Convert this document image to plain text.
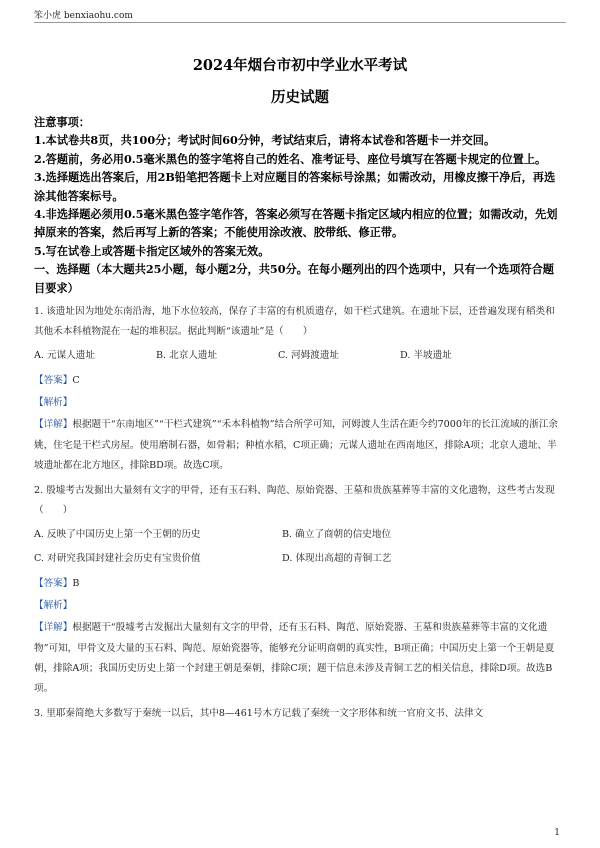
笨小虎 benxiaohu.com
2024年烟台市初中学业水平考试
历史试题

注意事项：

1.本试卷共8页，共100分；考试时间60分钟，考试结束后，请将本试卷和答题卡一并交回。

2.答题前，务必用0.5毫米黑色的签字笔将自己的姓名、准考证号、座位号填写在答题卡规定的位置上。

3.选择题选出答案后，用2B铅笔把答题卡上对应题目的答案标号涂黑；如需改动，用橡皮擦干净后，再选涂其他答案标号。

4.非选择题必须用0.5毫米黑色签字笔作答，答案必须写在答题卡指定区域内相应的位置；如需改动，先划掉原来的答案，然后再写上新的答案；不能使用涂改液、胶带纸、修正带。

5.写在试卷上或答题卡指定区域外的答案无效。

一、选择题（本大题共25小题，每小题2分，共50分。在每小题列出的四个选项中，只有一个选项符合题目要求）

1. 该遗址因为地处东南沿海，地下水位较高，保存了丰富的有机质遗存，如干栏式建筑。在遗址下层，还普遍发现有稻类和其他禾本科植物混在一起的堆积层。据此判断“该遗址”是（　　）

A. 元谋人遗址	B. 北京人遗址	C. 河姆渡遗址	D. 半坡遗址

【答案】C

【解析】

【详解】根据题干“东南地区”“干栏式建筑”“禾本科植物”结合所学可知，河姆渡人生活在距今约7000年的长江流域的浙江余姚，住宅是干栏式房屋。使用磨制石器，如骨耜；种植水稻，C项正确；元谋人遗址在西南地区，排除A项；北京人遗址、半坡遗址都在北方地区，排除BD项。故选C项。

2. 殷墟考古发掘出大量刻有文字的甲骨，还有玉石料、陶范、原始瓷器、王墓和贵族墓葬等丰富的文化遗物，这些考古发现（　　）

A. 反映了中国历史上第一个王朝的历史	B. 确立了商朝的信史地位
C. 对研究我国封建社会历史有宝贵价值	D. 体现出高超的青铜工艺

【答案】B

【解析】

【详解】根据题干“殷墟考古发掘出大量刻有文字的甲骨，还有玉石料、陶范、原始瓷器、王墓和贵族墓葬等丰富的文化遗物”可知，甲骨文及大量的玉石料、陶范、原始瓷器等，能够充分证明商朝的真实性，B项正确；中国历史上第一个王朝是夏朝，排除A项；我国历史历史上第一个封建王朝是秦朝，排除C项；题干信息未涉及青铜工艺的相关信息，排除D项。故选B项。

3. 里耶秦简绝大多数写于秦统一以后，其中8—461号木方记载了秦统一文字形体和统一官府文书、法律文

1
